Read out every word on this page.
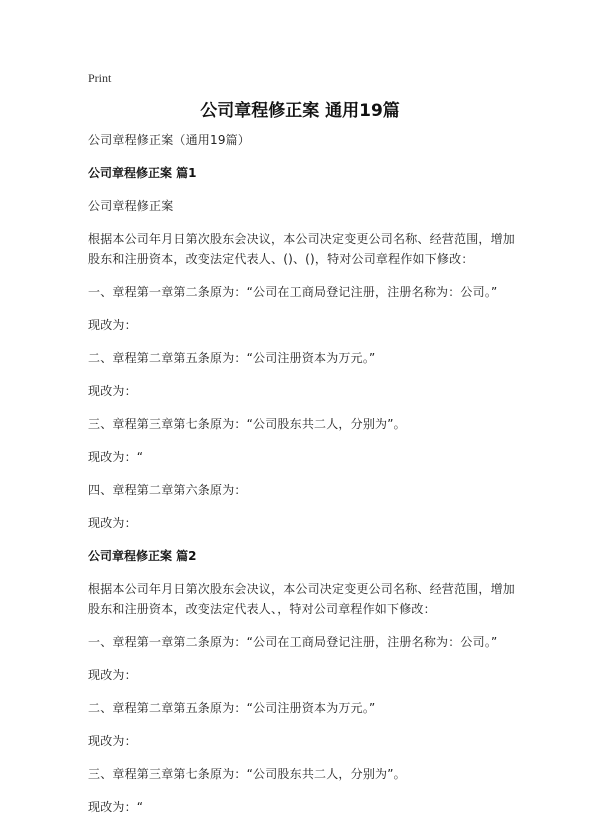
Print
公司章程修正案 通用19篇

公司章程修正案（通用19篇）

公司章程修正案 篇1

公司章程修正案

根据本公司年月日第次股东会决议，本公司决定变更公司名称、经营范围，增加股东和注册资本，改变法定代表人、()、()，特对公司章程作如下修改：

一、章程第一章第二条原为：“公司在工商局登记注册，注册名称为：公司。”

现改为：

二、章程第二章第五条原为：“公司注册资本为万元。”

现改为：

三、章程第三章第七条原为：“公司股东共二人，分别为”。

现改为：“

四、章程第二章第六条原为：

现改为：

公司章程修正案 篇2

根据本公司年月日第次股东会决议，本公司决定变更公司名称、经营范围，增加股东和注册资本，改变法定代表人、，特对公司章程作如下修改：

一、章程第一章第二条原为：“公司在工商局登记注册，注册名称为：公司。”

现改为：

二、章程第二章第五条原为：“公司注册资本为万元。”

现改为：

三、章程第三章第七条原为：“公司股东共二人，分别为”。

现改为：“
